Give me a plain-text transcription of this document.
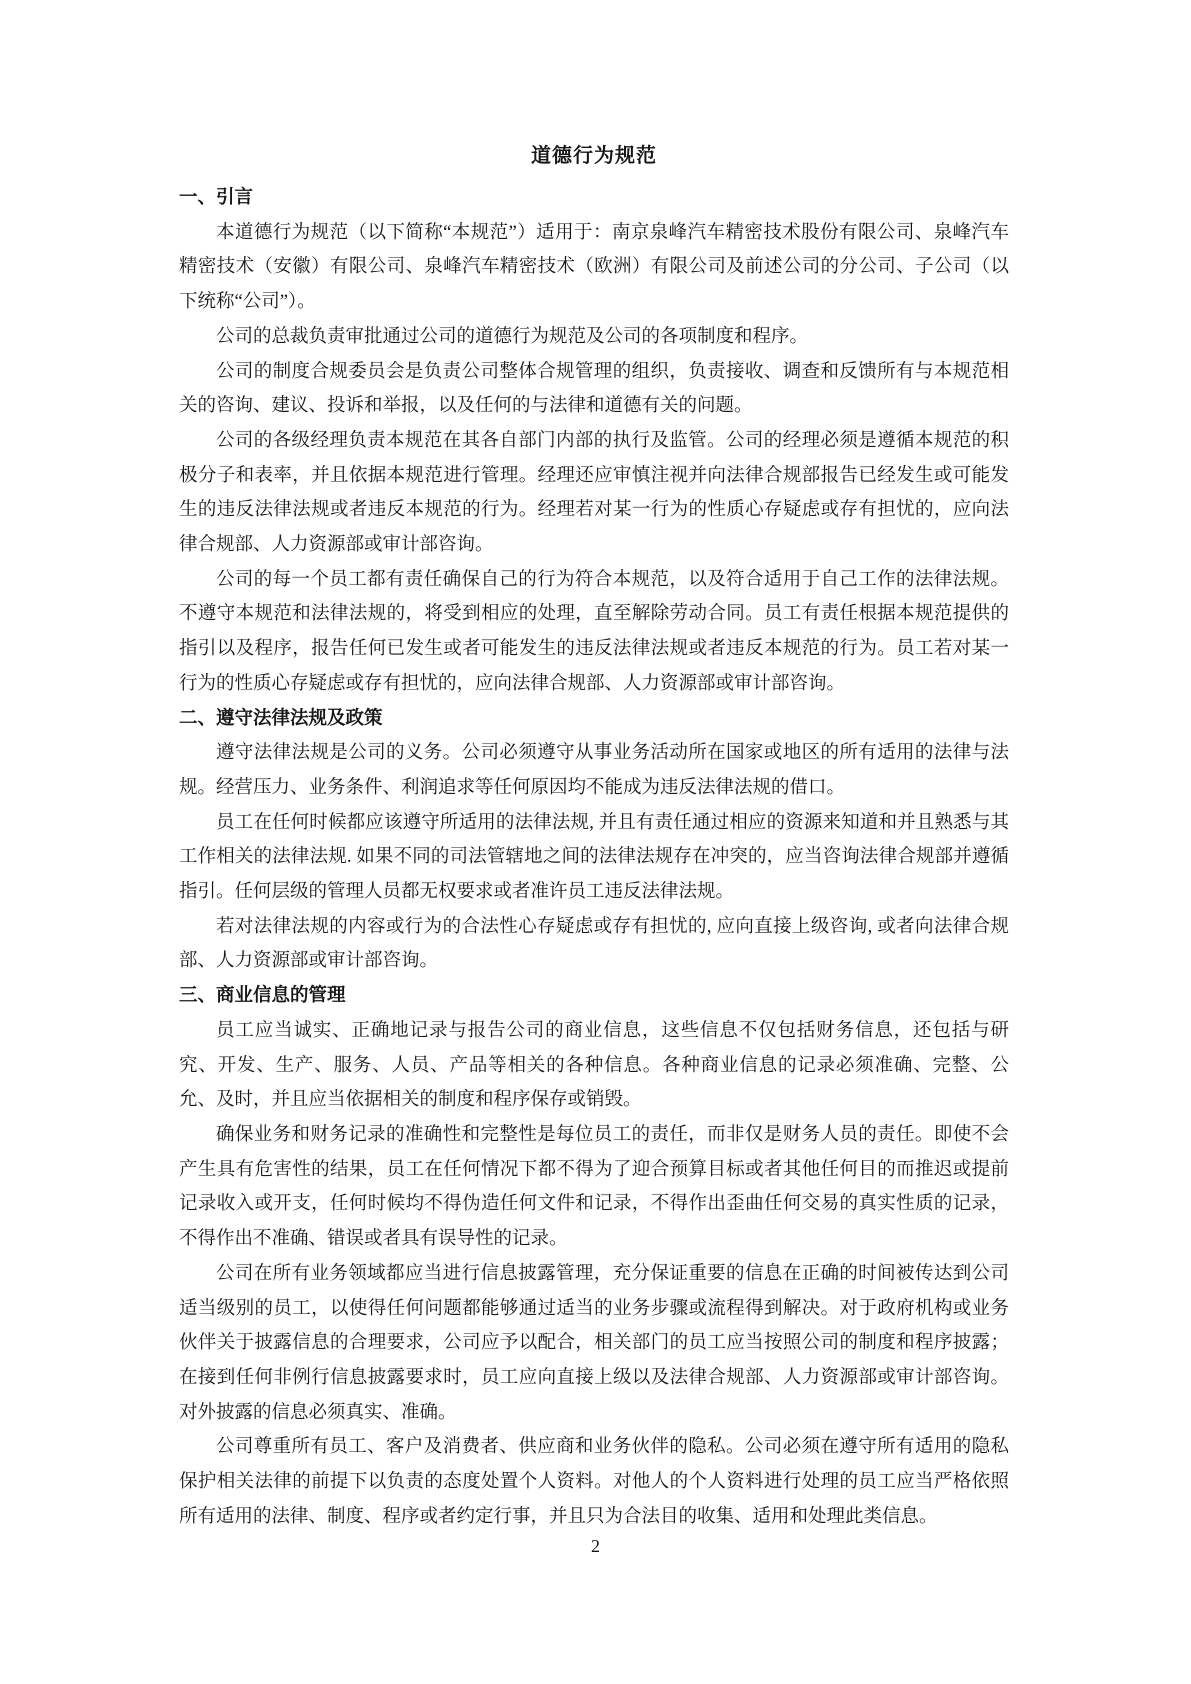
道德行为规范
一、引言

本道德行为规范（以下简称“本规范”）适用于：南京泉峰汽车精密技术股份有限公司、泉峰汽车精密技术（安徽）有限公司、泉峰汽车精密技术（欧洲）有限公司及前述公司的分公司、子公司（以下统称“公司”）。

公司的总裁负责审批通过公司的道德行为规范及公司的各项制度和程序。

公司的制度合规委员会是负责公司整体合规管理的组织，负责接收、调查和反馈所有与本规范相关的咨询、建议、投诉和举报，以及任何的与法律和道德有关的问题。

公司的各级经理负责本规范在其各自部门内部的执行及监管。公司的经理必须是遵循本规范的积极分子和表率，并且依据本规范进行管理。经理还应审慎注视并向法律合规部报告已经发生或可能发生的违反法律法规或者违反本规范的行为。经理若对某一行为的性质心存疑虑或存有担忧的，应向法律合规部、人力资源部或审计部咨询。

公司的每一个员工都有责任确保自己的行为符合本规范，以及符合适用于自己工作的法律法规。不遵守本规范和法律法规的，将受到相应的处理，直至解除劳动合同。员工有责任根据本规范提供的指引以及程序，报告任何已发生或者可能发生的违反法律法规或者违反本规范的行为。员工若对某一行为的性质心存疑虑或存有担忧的，应向法律合规部、人力资源部或审计部咨询。

二、遵守法律法规及政策

遵守法律法规是公司的义务。公司必须遵守从事业务活动所在国家或地区的所有适用的法律与法规。经营压力、业务条件、利润追求等任何原因均不能成为违反法律法规的借口。

员工在任何时候都应该遵守所适用的法律法规, 并且有责任通过相应的资源来知道和并且熟悉与其工作相关的法律法规. 如果不同的司法管辖地之间的法律法规存在冲突的，应当咨询法律合规部并遵循指引。任何层级的管理人员都无权要求或者准许员工违反法律法规。

若对法律法规的内容或行为的合法性心存疑虑或存有担忧的, 应向直接上级咨询, 或者向法律合规部、人力资源部或审计部咨询。

三、商业信息的管理

员工应当诚实、正确地记录与报告公司的商业信息，这些信息不仅包括财务信息，还包括与研究、开发、生产、服务、人员、产品等相关的各种信息。各种商业信息的记录必须准确、完整、公允、及时，并且应当依据相关的制度和程序保存或销毁。

确保业务和财务记录的准确性和完整性是每位员工的责任，而非仅是财务人员的责任。即使不会产生具有危害性的结果，员工在任何情况下都不得为了迎合预算目标或者其他任何目的而推迟或提前记录收入或开支，任何时候均不得伪造任何文件和记录，不得作出歪曲任何交易的真实性质的记录，不得作出不准确、错误或者具有误导性的记录。

公司在所有业务领域都应当进行信息披露管理，充分保证重要的信息在正确的时间被传达到公司适当级别的员工，以使得任何问题都能够通过适当的业务步骤或流程得到解决。对于政府机构或业务伙伴关于披露信息的合理要求，公司应予以配合，相关部门的员工应当按照公司的制度和程序披露；在接到任何非例行信息披露要求时，员工应向直接上级以及法律合规部、人力资源部或审计部咨询。对外披露的信息必须真实、准确。

公司尊重所有员工、客户及消费者、供应商和业务伙伴的隐私。公司必须在遵守所有适用的隐私保护相关法律的前提下以负责的态度处置个人资料。对他人的个人资料进行处理的员工应当严格依照所有适用的法律、制度、程序或者约定行事，并且只为合法目的收集、适用和处理此类信息。

2
